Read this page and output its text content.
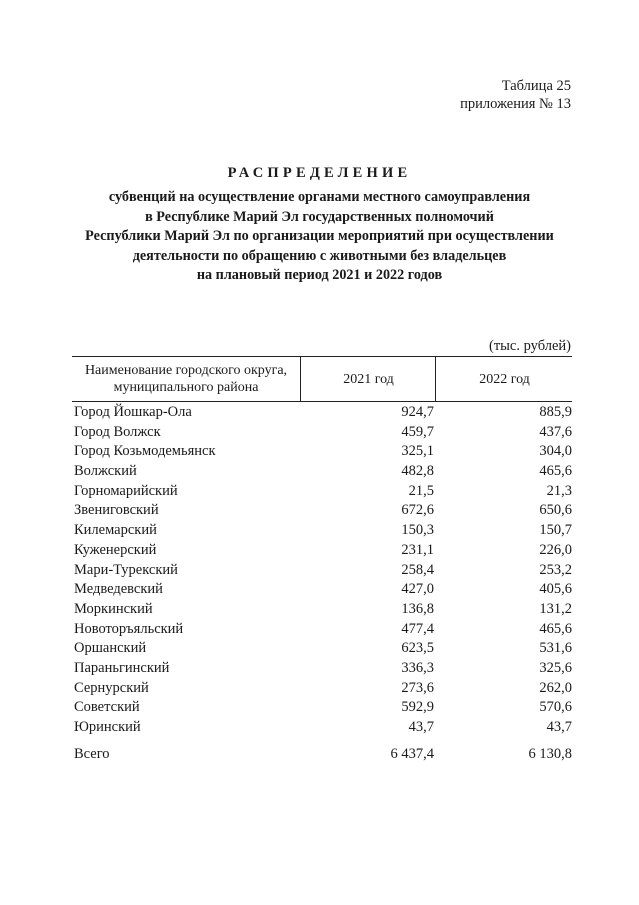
Таблица 25
приложения № 13
РАСПРЕДЕЛЕНИЕ
субвенций на осуществление органами местного самоуправления
в Республике Марий Эл государственных полномочий
Республики Марий Эл по организации мероприятий при осуществлении
деятельности по обращению с животными без владельцев
на плановый период 2021 и 2022 годов
(тыс. рублей)
Наименование городского округа,
муниципального района
2021 год	2022 год
Город Йошкар-Ола	924,7	885,9
Город Волжск	459,7	437,6
Город Козьмодемьянск	325,1	304,0
Волжский	482,8	465,6
Горномарийский	21,5	21,3
Звениговский	672,6	650,6
Килемарский	150,3	150,7
Куженерский	231,1	226,0
Мари-Турекский	258,4	253,2
Медведевский	427,0	405,6
Моркинский	136,8	131,2
Новоторъяльский	477,4	465,6
Оршанский	623,5	531,6
Параньгинский	336,3	325,6
Сернурский	273,6	262,0
Советский	592,9	570,6
Юринский	43,7	43,7
Всего	6 437,4	6 130,8
